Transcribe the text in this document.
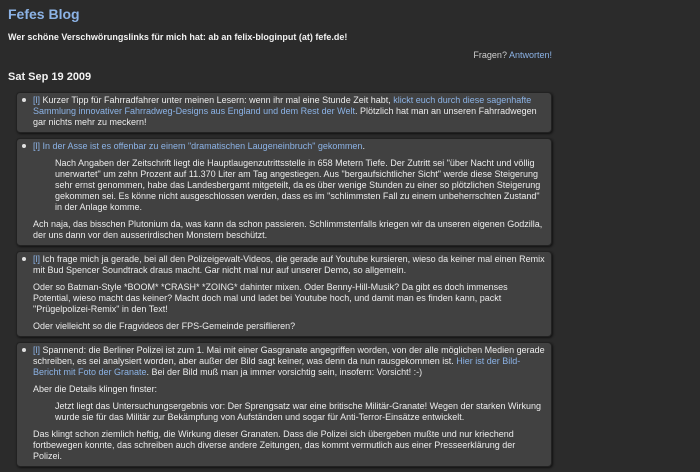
Fefes Blog

Wer schöne Verschwörungslinks für mich hat: ab an felix-bloginput (at) fefe.de!

Fragen? Antworten!
Sat Sep 19 2009

[l] Kurzer Tipp für Fahrradfahrer unter meinen Lesern: wenn ihr mal eine Stunde Zeit habt, klickt euch durch diese sagenhafte Sammlung innovativer Fahrradweg-Designs aus England und dem Rest der Welt. Plötzlich hat man an unseren Fahrradwegen gar nichts mehr zu meckern!

[l] In der Asse ist es offenbar zu einem "dramatischen Laugeneinbruch" gekommen.

Nach Angaben der Zeitschrift liegt die Hauptlaugenzutrittsstelle in 658 Metern Tiefe. Der Zutritt sei "über Nacht und völlig unerwartet" um zehn Prozent auf 11.370 Liter am Tag angestiegen. Aus "bergaufsichtlicher Sicht" werde diese Steigerung sehr ernst genommen, habe das Landesbergamt mitgeteilt, da es über wenige Stunden zu einer so plötzlichen Steigerung gekommen sei. Es könne nicht ausgeschlossen werden, dass es im "schlimmsten Fall zu einem unbeherrschten Zustand" in der Anlage komme.

Ach naja, das bisschen Plutonium da, was kann da schon passieren. Schlimmstenfalls kriegen wir da unseren eigenen Godzilla, der uns dann vor den ausserirdischen Monstern beschützt.

[l] Ich frage mich ja gerade, bei all den Polizeigewalt-Videos, die gerade auf Youtube kursieren, wieso da keiner mal einen Remix mit Bud Spencer Soundtrack draus macht. Gar nicht mal nur auf unserer Demo, so allgemein.

Oder so Batman-Style *BOOM* *CRASH* *ZOING* dahinter mixen. Oder Benny-Hill-Musik? Da gibt es doch immenses Potential, wieso macht das keiner? Macht doch mal und ladet bei Youtube hoch, und damit man es finden kann, packt "Prügelpolizei-Remix" in den Text!

Oder vielleicht so die Fragvideos der FPS-Gemeinde persiflieren?

[l] Spannend: die Berliner Polizei ist zum 1. Mai mit einer Gasgranate angegriffen worden, von der alle möglichen Medien gerade schreiben, es sei analysiert worden, aber außer der Bild sagt keiner, was denn da nun rausgekommen ist. Hier ist der Bild-Bericht mit Foto der Granate. Bei der Bild muß man ja immer vorsichtig sein, insofern: Vorsicht! :-)

Aber die Details klingen finster:

Jetzt liegt das Untersuchungsergebnis vor: Der Sprengsatz war eine britische Militär-Granate! Wegen der starken Wirkung wurde sie für das Militär zur Bekämpfung von Aufständen und sogar für Anti-Terror-Einsätze entwickelt.

Das klingt schon ziemlich heftig, die Wirkung dieser Granaten. Dass die Polizei sich übergeben mußte und nur kriechend fortbewegen konnte, das schreiben auch diverse andere Zeitungen, das kommt vermutlich aus einer Presseerklärung der Polizei.
